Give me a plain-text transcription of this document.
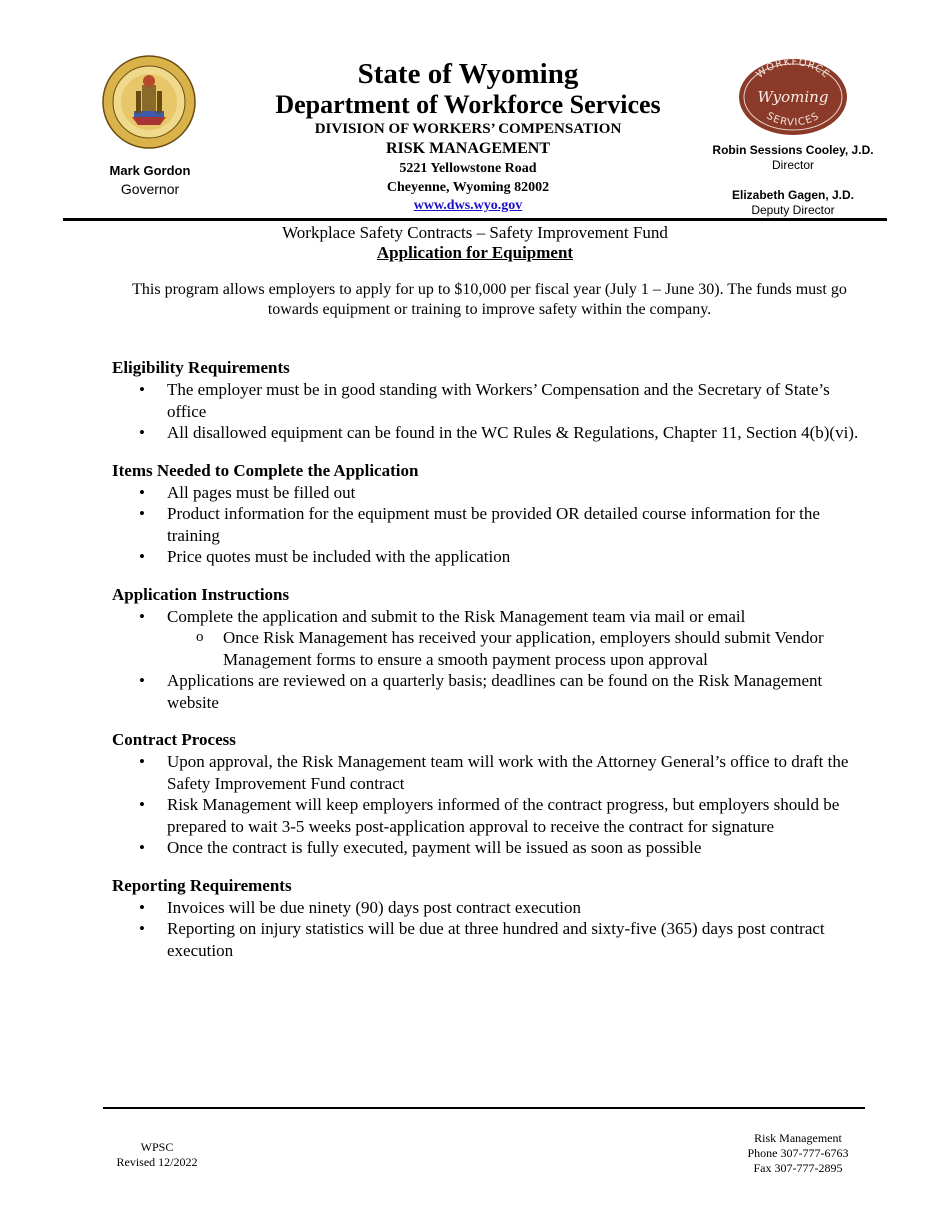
Mark Gordon
Governor
State of Wyoming
Department of Workforce Services
DIVISION OF WORKERS’ COMPENSATION
RISK MANAGEMENT
5221 Yellowstone Road
Cheyenne, Wyoming 82002
www.dws.wyo.gov
WORKFORCE
SERVICES
Wyoming
Robin Sessions Cooley, J.D.
Director
Elizabeth Gagen, J.D.
Deputy Director
Workplace Safety Contracts – Safety Improvement Fund
Application for Equipment
This program allows employers to apply for up to $10,000 per fiscal year (July 1 – June 30). The funds must go towards equipment or training to improve safety within the company.
Eligibility Requirements
• The employer must be in good standing with Workers’ Compensation and the Secretary of State’s office
• All disallowed equipment can be found in the WC Rules & Regulations, Chapter 11, Section 4(b)(vi).
Items Needed to Complete the Application
• All pages must be filled out
• Product information for the equipment must be provided OR detailed course information for the training
• Price quotes must be included with the application
Application Instructions
• Complete the application and submit to the Risk Management team via mail or email
o Once Risk Management has received your application, employers should submit Vendor Management forms to ensure a smooth payment process upon approval
• Applications are reviewed on a quarterly basis; deadlines can be found on the Risk Management website
Contract Process
• Upon approval, the Risk Management team will work with the Attorney General’s office to draft the Safety Improvement Fund contract
• Risk Management will keep employers informed of the contract progress, but employers should be prepared to wait 3-5 weeks post-application approval to receive the contract for signature
• Once the contract is fully executed, payment will be issued as soon as possible
Reporting Requirements
• Invoices will be due ninety (90) days post contract execution
• Reporting on injury statistics will be due at three hundred and sixty-five (365) days post contract execution
WPSC
Revised 12/2022
Risk Management
Phone 307-777-6763
Fax 307-777-2895
